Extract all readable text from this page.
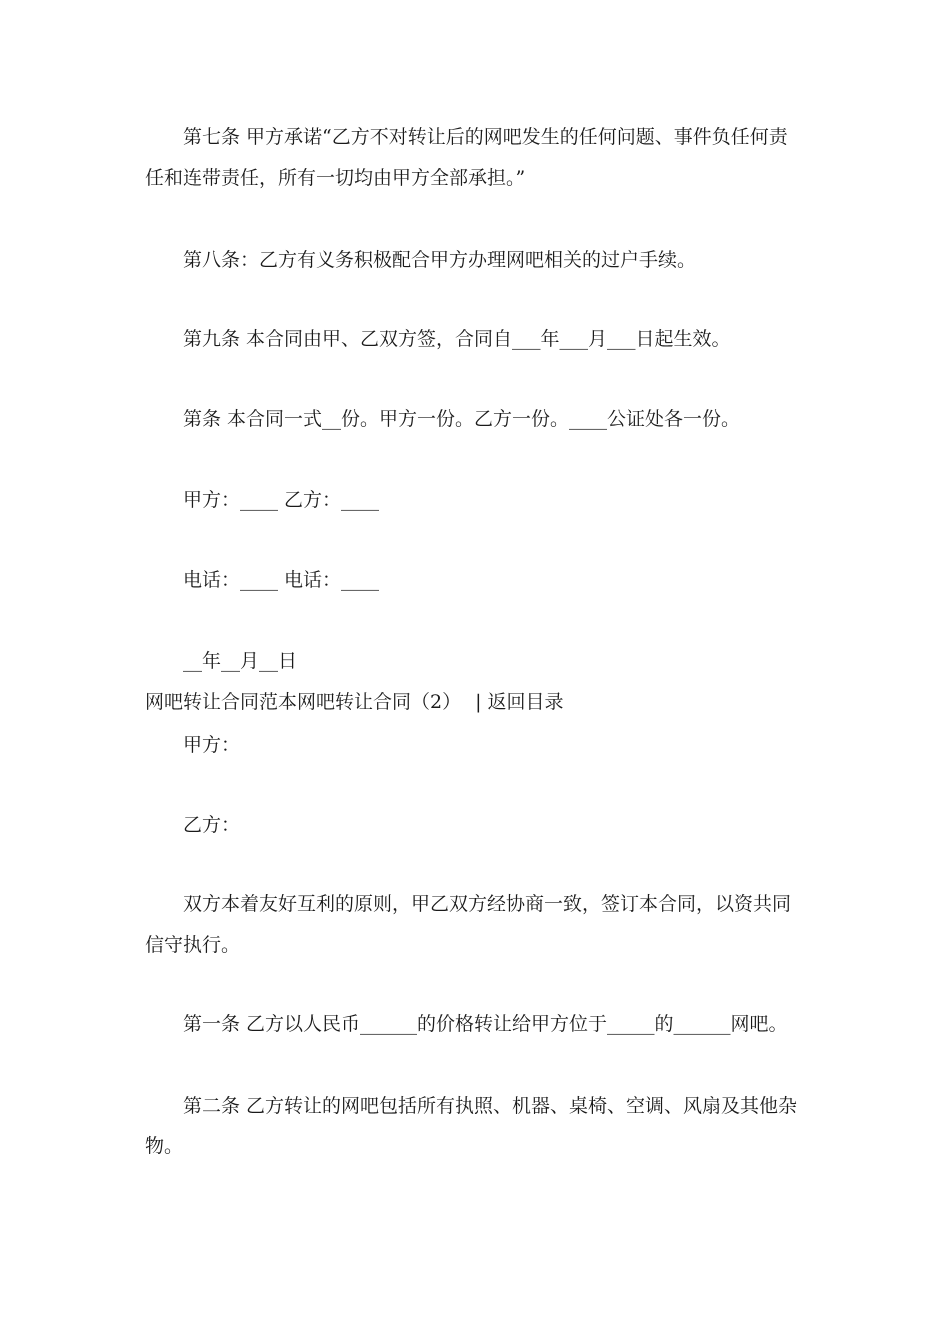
第七条 甲方承诺“乙方不对转让后的网吧发生的任何问题、事件负任何责
任和连带责任，所有一切均由甲方全部承担。”
第八条：乙方有义务积极配合甲方办理网吧相关的过户手续。
第九条 本合同由甲、乙双方签，合同自___年___月___日起生效。
第条 本合同一式__份。甲方一份。乙方一份。____公证处各一份。
甲方：____ 乙方：____
电话：____ 电话：____
__年__月__日
网吧转让合同范本网吧转让合同（2） | 返回目录
甲方：
乙方：
双方本着友好互利的原则，甲乙双方经协商一致，签订本合同，以资共同
信守执行。
第一条 乙方以人民币______的价格转让给甲方位于_____的______网吧。
第二条 乙方转让的网吧包括所有执照、机器、桌椅、空调、风扇及其他杂
物。
